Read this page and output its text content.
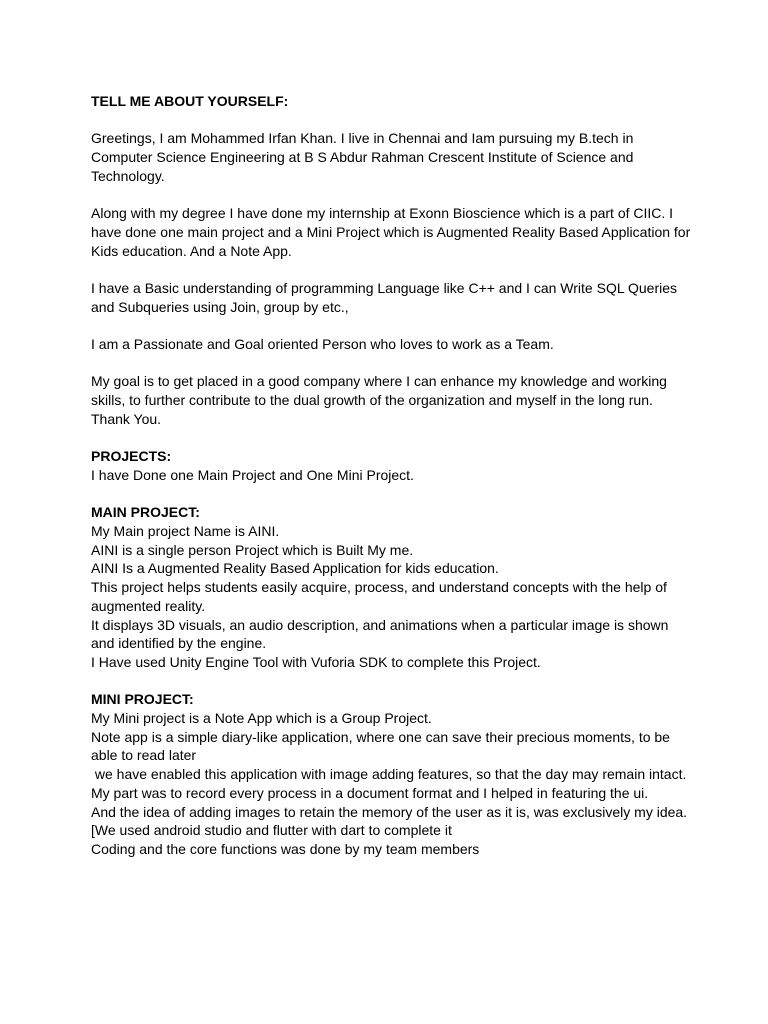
TELL ME ABOUT YOURSELF:

Greetings, I am Mohammed Irfan Khan. I live in Chennai and Iam pursuing my B.tech in Computer Science Engineering at B S Abdur Rahman Crescent Institute of Science and Technology.

Along with my degree I have done my internship at Exonn Bioscience which is a part of CIIC. I have done one main project and a Mini Project which is Augmented Reality Based Application for Kids education. And a Note App.

I have a Basic understanding of programming Language like C++ and I can Write SQL Queries and Subqueries using Join, group by etc.,

I am a Passionate and Goal oriented Person who loves to work as a Team.

My goal is to get placed in a good company where I can enhance my knowledge and working skills, to further contribute to the dual growth of the organization and myself in the long run. Thank You.

PROJECTS:

I have Done one Main Project and One Mini Project.

MAIN PROJECT:

My Main project Name is AINI.

AINI is a single person Project which is Built My me.

AINI Is a Augmented Reality Based Application for kids education.

This project helps students easily acquire, process, and understand concepts with the help of augmented reality.

It displays 3D visuals, an audio description, and animations when a particular image is shown and identified by the engine.

I Have used Unity Engine Tool with Vuforia SDK to complete this Project.

MINI PROJECT:

My Mini project is a Note App which is a Group Project.

Note app is a simple diary-like application, where one can save their precious moments, to be able to read later

we have enabled this application with image adding features, so that the day may remain intact.

My part was to record every process in a document format and I helped in featuring the ui.

And the idea of adding images to retain the memory of the user as it is, was exclusively my idea.

[We used android studio and flutter with dart to complete it

Coding and the core functions was done by my team members
